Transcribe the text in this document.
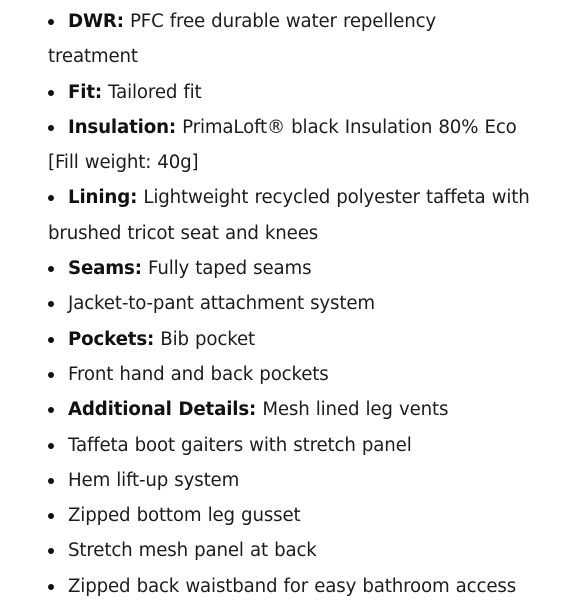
DWR: PFC free durable water repellency treatment
Fit: Tailored fit
Insulation: PrimaLoft® black Insulation 80% Eco [Fill weight: 40g]
Lining: Lightweight recycled polyester taffeta with brushed tricot seat and knees
Seams: Fully taped seams
Jacket-to-pant attachment system
Pockets: Bib pocket
Front hand and back pockets
Additional Details: Mesh lined leg vents
Taffeta boot gaiters with stretch panel
Hem lift-up system
Zipped bottom leg gusset
Stretch mesh panel at back
Zipped back waistband for easy bathroom access
